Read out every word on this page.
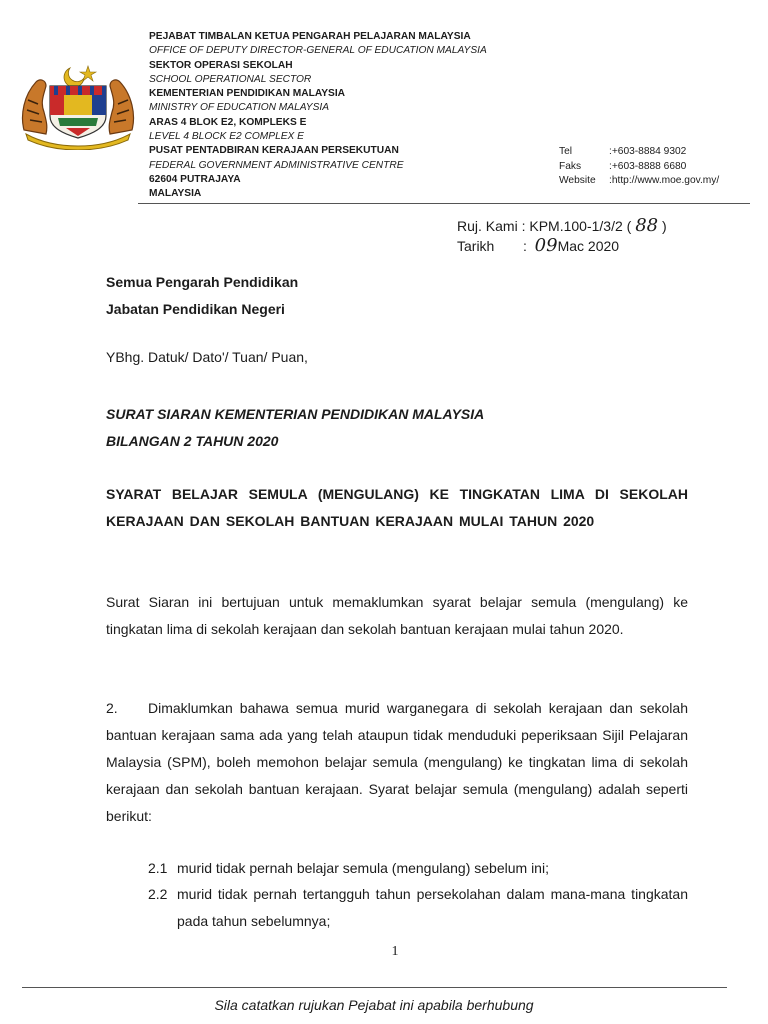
PEJABAT TIMBALAN KETUA PENGARAH PELAJARAN MALAYSIA
OFFICE OF DEPUTY DIRECTOR-GENERAL OF EDUCATION MALAYSIA
SEKTOR OPERASI SEKOLAH
SCHOOL OPERATIONAL SECTOR
KEMENTERIAN PENDIDIKAN MALAYSIA
MINISTRY OF EDUCATION MALAYSIA
ARAS 4 BLOK E2, KOMPLEKS E
LEVEL 4 BLOCK E2 COMPLEX E
PUSAT PENTADBIRAN KERAJAAN PERSEKUTUAN
FEDERAL GOVERNMENT ADMINISTRATIVE CENTRE
62604 PUTRAJAYA
MALAYSIA
Tel	:+603-8884 9302
Faks	:+603-8888 6680
Website	:http://www.moe.gov.my/
Ruj. Kami
: KPM.100-1/3/2 (
88
)
Tarikh	:
09 Mac 2020
Semua Pengarah Pendidikan
Jabatan Pendidikan Negeri
YBhg. Datuk/ Dato'/ Tuan/ Puan,
SURAT SIARAN KEMENTERIAN PENDIDIKAN MALAYSIA
BILANGAN 2 TAHUN 2020
SYARAT BELAJAR SEMULA (MENGULANG) KE TINGKATAN LIMA DI SEKOLAH KERAJAAN DAN SEKOLAH BANTUAN KERAJAAN MULAI TAHUN 2020
Surat Siaran ini bertujuan untuk memaklumkan syarat belajar semula (mengulang) ke tingkatan lima di sekolah kerajaan dan sekolah bantuan kerajaan mulai tahun 2020.
2. Dimaklumkan bahawa semua murid warganegara di sekolah kerajaan dan sekolah bantuan kerajaan sama ada yang telah ataupun tidak menduduki peperiksaan Sijil Pelajaran Malaysia (SPM), boleh memohon belajar semula (mengulang) ke tingkatan lima di sekolah kerajaan dan sekolah bantuan kerajaan. Syarat belajar semula (mengulang) adalah seperti berikut:
2.1 murid tidak pernah belajar semula (mengulang) sebelum ini;
2.2 murid tidak pernah tertangguh tahun persekolahan dalam mana-mana tingkatan pada tahun sebelumnya;
1
Sila catatkan rujukan Pejabat ini apabila berhubung
